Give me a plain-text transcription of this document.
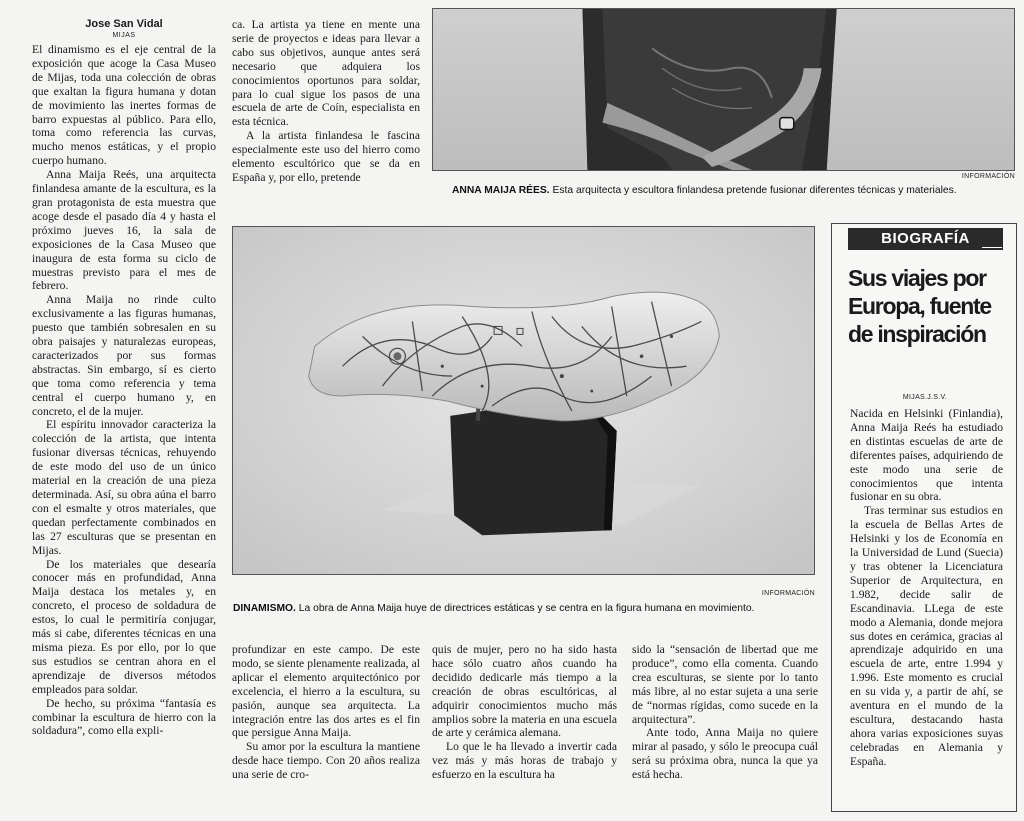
Jose San Vidal
MIJAS

El dinamismo es el eje central de la exposición que acoge la Casa Museo de Mijas, toda una colección de obras que exaltan la figura humana y dotan de movimiento las inertes formas de barro expuestas al público. Para ello, toma como referencia las curvas, mucho menos estáticas, y el propio cuerpo humano.

Anna Maija Reés, una arquitecta finlandesa amante de la escultura, es la gran protagonista de esta muestra que acoge desde el pasado día 4 y hasta el próximo jueves 16, la sala de exposiciones de la Casa Museo que inaugura de esta forma su ciclo de muestras previsto para el mes de febrero.

Anna Maija no rinde culto exclusivamente a las figuras humanas, puesto que también sobresalen en su obra paisajes y naturalezas europeas, caracterizados por sus formas abstractas. Sin embargo, sí es cierto que toma como referencia y tema central el cuerpo humano y, en concreto, el de la mujer.

El espíritu innovador caracteriza la colección de la artista, que intenta fusionar diversas técnicas, rehuyendo de este modo del uso de un único material en la creación de una pieza determinada. Así, su obra aúna el barro con el esmalte y otros materiales, que quedan perfectamente combinados en las 27 esculturas que se presentan en Mijas.

De los materiales que desearía conocer más en profundidad, Anna Maija destaca los metales y, en concreto, el proceso de soldadura de estos, lo cual le permitiría conjugar, más si cabe, diferentes técnicas en una misma pieza. Es por ello, por lo que sus estudios se centran ahora en el aprendizaje de diversos métodos empleados para soldar.

De hecho, su próxima “fantasía es combinar la escultura de hierro con la soldadura”, como ella expli-

ca. La artista ya tiene en mente una serie de proyectos e ideas para llevar a cabo sus objetivos, aunque antes será necesario que adquiera los conocimientos oportunos para soldar, para lo cual sigue los pasos de una escuela de arte de Coín, especialista en esta técnica.

A la artista finlandesa le fascina especialmente este uso del hierro como elemento escultórico que se da en España y, por ello, pretende	INFORMACIÓN
ANNA MAIJA RÉES. Esta arquitecta y escultora finlandesa pretende fusionar diferentes técnicas y materiales.
INFORMACIÓN
DINAMISMO. La obra de Anna Maija huye de directrices estáticas y se centra en la figura humana en movimiento.

profundizar en este campo. De este modo, se siente plenamente realizada, al aplicar el elemento arquitectónico por excelencia, el hierro a la escultura, su pasión, aunque sea arquitecta. La integración entre las dos artes es el fin que persigue Anna Maija.

Su amor por la escultura la mantiene desde hace tiempo. Con 20 años realiza una serie de cro-

quis de mujer, pero no ha sido hasta hace sólo cuatro años cuando ha decidido dedicarle más tiempo a la creación de obras escultóricas, al adquirir conocimientos mucho más amplios sobre la materia en una escuela de arte y cerámica alemana.

Lo que le ha llevado a invertir cada vez más y más horas de trabajo y esfuerzo en la escultura ha

sido la “sensación de libertad que me produce”, como ella comenta. Cuando crea esculturas, se siente por lo tanto más libre, al no estar sujeta a una serie de “normas rígidas, como sucede en la arquitectura”.

Ante todo, Anna Maija no quiere mirar al pasado, y sólo le preocupa cuál será su próxima obra, nunca la que ya está hecha.

BIOGRAFÍA
Sus viajes por Europa, fuente de inspiración
MIJAS.J.S.V.

Nacida en Helsinki (Finlandia), Anna Maija Reés ha estudiado en distintas escuelas de arte de diferentes países, adquiriendo de este modo una serie de conocimientos que intenta fusionar en su obra.

Tras terminar sus estudios en la escuela de Bellas Artes de Helsinki y los de Economía en la Universidad de Lund (Suecia) y tras obtener la Licenciatura Superior de Arquitectura, en 1.982, decide salir de Escandinavia. LLega de este modo a Alemania, donde mejora sus dotes en cerámica, gracias al aprendizaje adquirido en una escuela de arte, entre 1.994 y 1.996. Este momento es crucial en su vida y, a partir de ahí, se aventura en el mundo de la escultura, destacando hasta ahora varias exposiciones suyas celebradas en Alemania y España.
